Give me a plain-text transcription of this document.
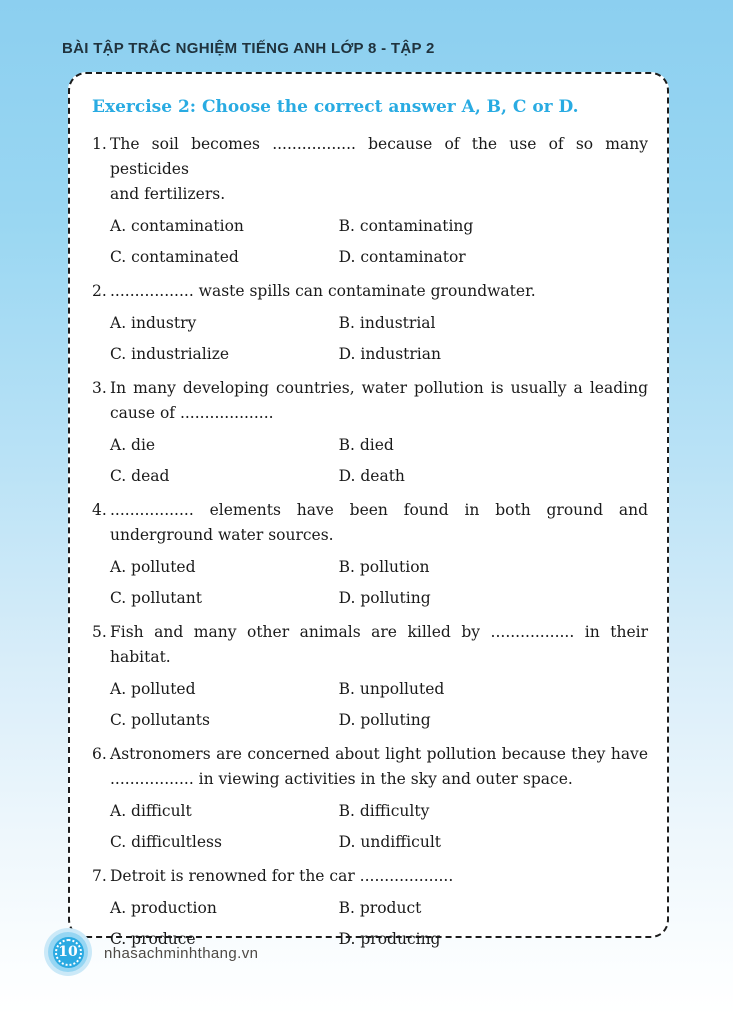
BÀI TẬP TRẮC NGHIỆM TIẾNG ANH LỚP 8 - TẬP 2
Exercise 2: Choose the correct answer A, B, C or D.
1. The soil becomes ................. because of the use of so many pesticides
and fertilizers.
A. contamination	B. contaminating
C. contaminated	D. contaminator
2. ................. waste spills can contaminate groundwater.
A. industry	B. industrial
C. industrialize	D. industrian
3. In many developing countries, water pollution is usually a leading
cause of ...................
A. die	B. died
C. dead	D. death
4. ................. elements have been found in both ground and
underground water sources.
A. polluted	B. pollution
C. pollutant	D. polluting
5. Fish and many other animals are killed by ................. in their
habitat.
A. polluted	B. unpolluted
C. pollutants	D. polluting
6. Astronomers are concerned about light pollution because they have
................. in viewing activities in the sky and outer space.
A. difficult	B. difficulty
C. difficultless	D. undifficult
7. Detroit is renowned for the car ...................
A. production	B. product
C. produce	D. producing
10 nhasachminhthang.vn
